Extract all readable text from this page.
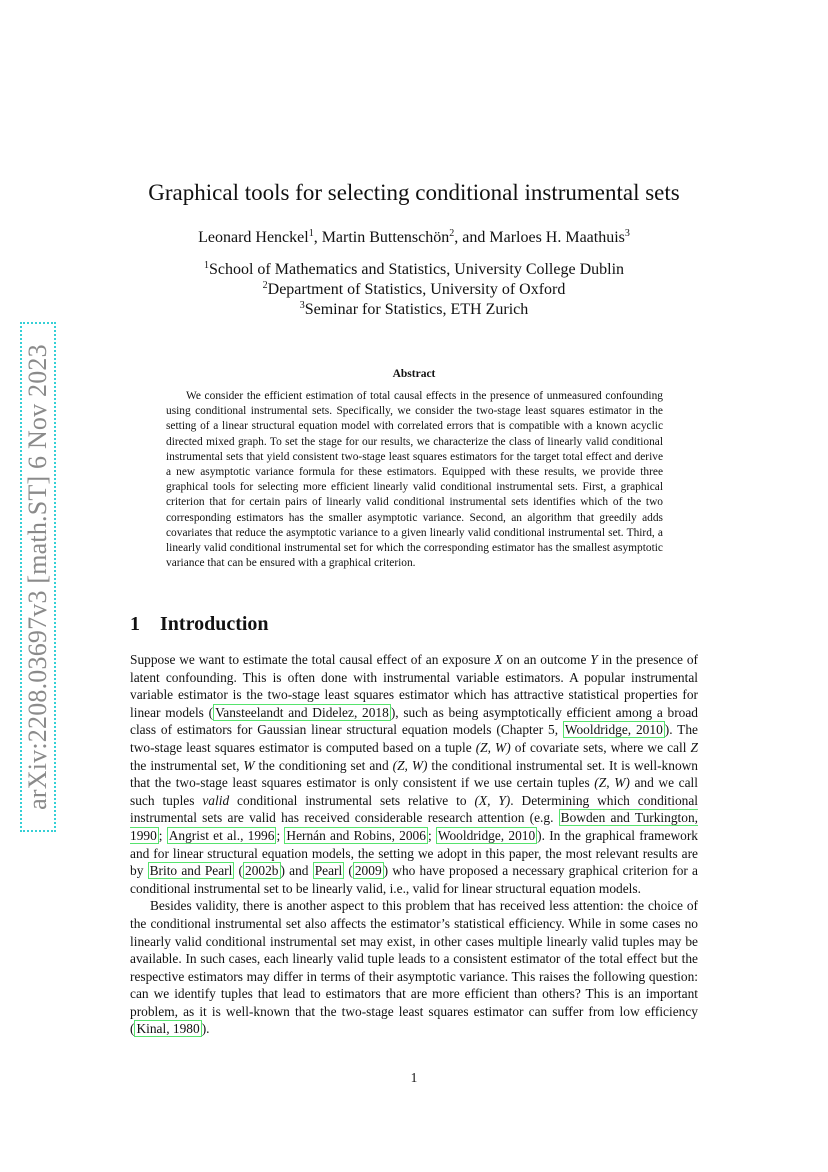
arXiv:2208.03697v3 [math.ST] 6 Nov 2023
Graphical tools for selecting conditional instrumental sets
Leonard Henckel$^1$, Martin Buttenschön$^2$, and Marloes H. Maathuis$^3$
$^1$School of Mathematics and Statistics, University College Dublin
$^2$Department of Statistics, University of Oxford
$^3$Seminar for Statistics, ETH Zurich
Abstract

We consider the efficient estimation of total causal effects in the presence of unmeasured confounding using conditional instrumental sets. Specifically, we consider the two-stage least squares estimator in the setting of a linear structural equation model with correlated errors that is compatible with a known acyclic directed mixed graph. To set the stage for our results, we characterize the class of linearly valid conditional instrumental sets that yield consistent two-stage least squares estimators for the target total effect and derive a new asymptotic variance formula for these estimators. Equipped with these results, we provide three graphical tools for selecting more efficient linearly valid conditional instrumental sets. First, a graphical criterion that for certain pairs of linearly valid conditional instrumental sets identifies which of the two corresponding estimators has the smaller asymptotic variance. Second, an algorithm that greedily adds covariates that reduce the asymptotic variance to a given linearly valid conditional instrumental set. Third, a linearly valid conditional instrumental set for which the corresponding estimator has the smallest asymptotic variance that can be ensured with a graphical criterion.

1 Introduction

Suppose we want to estimate the total causal effect of an exposure X on an outcome Y in the presence of latent confounding. This is often done with instrumental variable estimators. A popular instrumental variable estimator is the two-stage least squares estimator which has attractive statistical properties for linear models ( Vansteelandt and Didelez, 2018 ), such as being asymptotically efficient among a broad class of estimators for Gaussian linear structural equation models (Chapter 5, Wooldridge, 2010 ). The two-stage least squares estimator is computed based on a tuple (Z, W) of covariate sets, where we call Z the instrumental set, W the conditioning set and (Z, W) the conditional instrumental set. It is well-known that the two-stage least squares estimator is only consistent if we use certain tuples (Z, W) and we call such tuples valid conditional instrumental sets relative to (X, Y). Determining which conditional instrumental sets are valid has received considerable research attention (e.g. Bowden and Turkington, 1990 ; Angrist et al., 1996 ; Hernán and Robins, 2006 ; Wooldridge, 2010 ). In the graphical framework and for linear structural equation models, the setting we adopt in this paper, the most relevant results are by Brito and Pearl ( 2002b ) and Pearl ( 2009 ) who have proposed a necessary graphical criterion for a conditional instrumental set to be linearly valid, i.e., valid for linear structural equation models.

Besides validity, there is another aspect to this problem that has received less attention: the choice of the conditional instrumental set also affects the estimator’s statistical efficiency. While in some cases no linearly valid conditional instrumental set may exist, in other cases multiple linearly valid tuples may be available. In such cases, each linearly valid tuple leads to a consistent estimator of the total effect but the respective estimators may differ in terms of their asymptotic variance. This raises the following question: can we identify tuples that lead to estimators that are more efficient than others? This is an important problem, as it is well-known that the two-stage least squares estimator can suffer from low efficiency ( Kinal, 1980 ).

1
